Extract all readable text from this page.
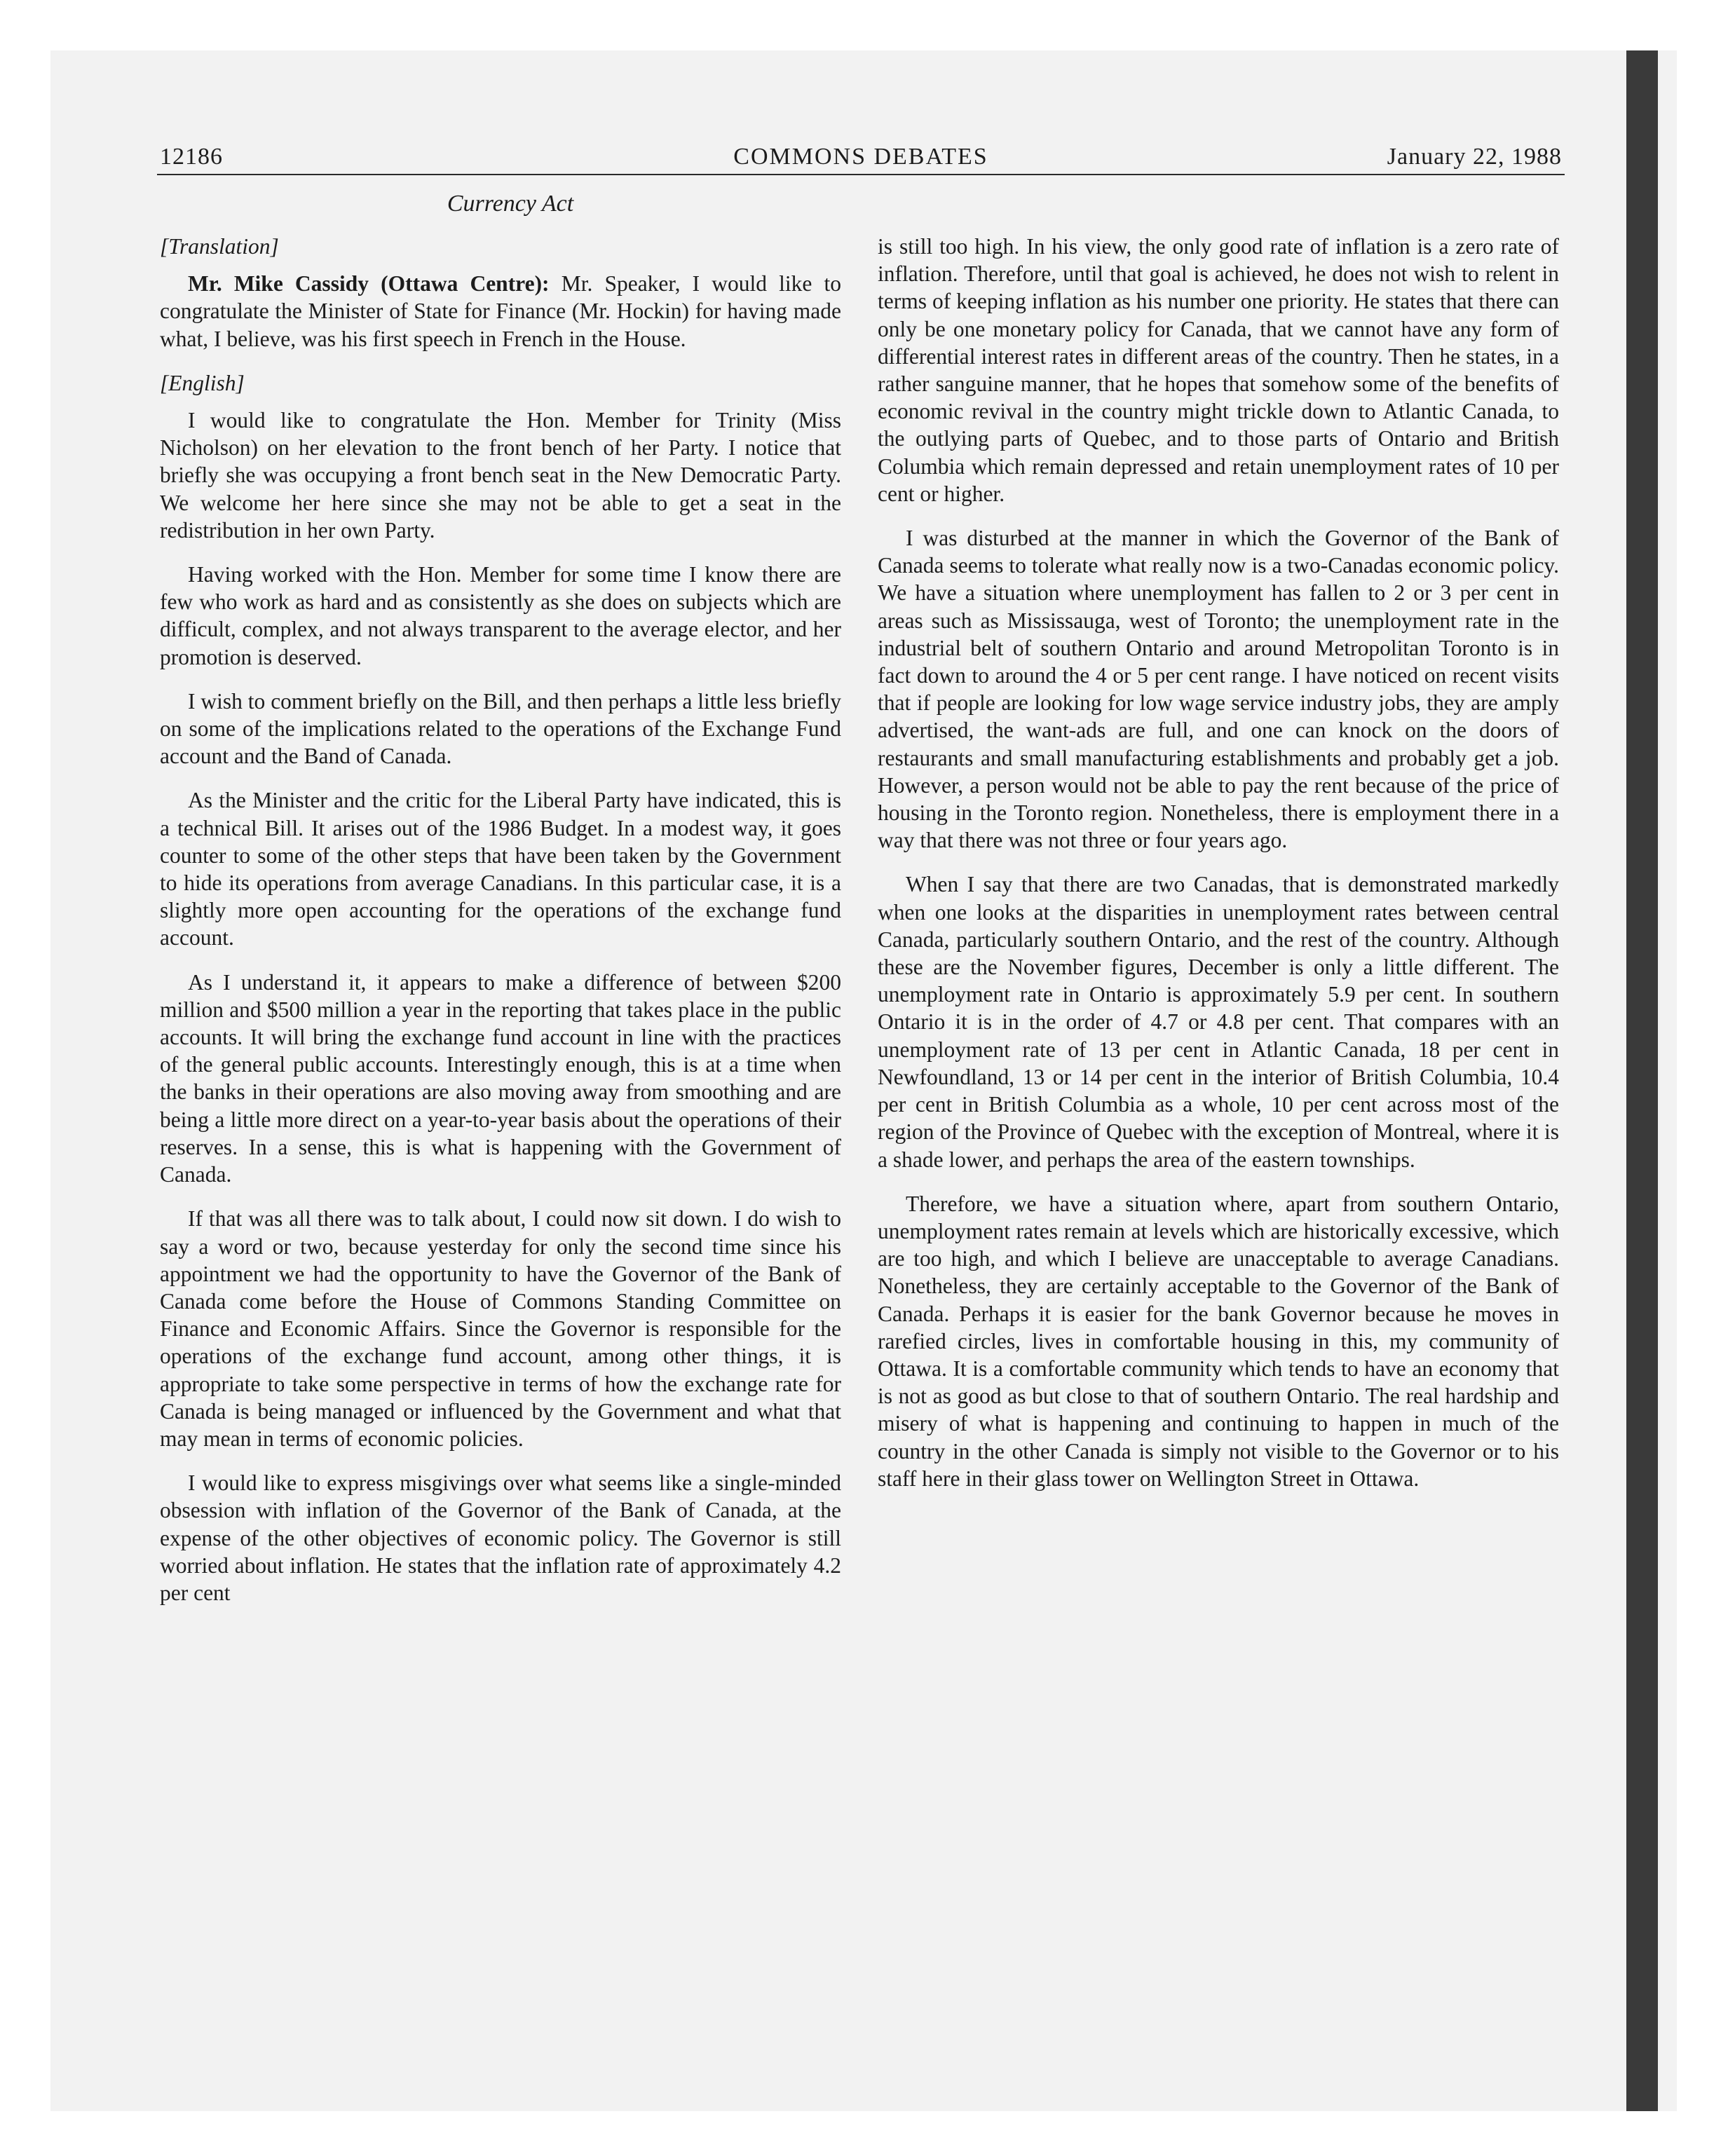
12186	COMMONS DEBATES	January 22, 1988
Currency Act

[Translation]

Mr. Mike Cassidy (Ottawa Centre): Mr. Speaker, I would like to congratulate the Minister of State for Finance (Mr. Hockin) for having made what, I believe, was his first speech in French in the House.

[English]

I would like to congratulate the Hon. Member for Trinity (Miss Nicholson) on her elevation to the front bench of her Party. I notice that briefly she was occupying a front bench seat in the New Democratic Party. We welcome her here since she may not be able to get a seat in the redistribution in her own Party.

Having worked with the Hon. Member for some time I know there are few who work as hard and as consistently as she does on subjects which are difficult, complex, and not always transparent to the average elector, and her promotion is deserved.

I wish to comment briefly on the Bill, and then perhaps a little less briefly on some of the implications related to the operations of the Exchange Fund account and the Band of Canada.

As the Minister and the critic for the Liberal Party have indicated, this is a technical Bill. It arises out of the 1986 Budget. In a modest way, it goes counter to some of the other steps that have been taken by the Government to hide its operations from average Canadians. In this particular case, it is a slightly more open accounting for the operations of the exchange fund account.

As I understand it, it appears to make a difference of between $200 million and $500 million a year in the reporting that takes place in the public accounts. It will bring the exchange fund account in line with the practices of the general public accounts. Interestingly enough, this is at a time when the banks in their operations are also moving away from smoothing and are being a little more direct on a year-to-year basis about the operations of their reserves. In a sense, this is what is happening with the Government of Canada.

If that was all there was to talk about, I could now sit down. I do wish to say a word or two, because yesterday for only the second time since his appointment we had the opportunity to have the Governor of the Bank of Canada come before the House of Commons Standing Committee on Finance and Economic Affairs. Since the Governor is responsible for the operations of the exchange fund account, among other things, it is appropriate to take some perspective in terms of how the exchange rate for Canada is being managed or influenced by the Government and what that may mean in terms of economic policies.

I would like to express misgivings over what seems like a single-minded obsession with inflation of the Governor of the Bank of Canada, at the expense of the other objectives of economic policy. The Governor is still worried about inflation. He states that the inflation rate of approximately 4.2 per cent

is still too high. In his view, the only good rate of inflation is a zero rate of inflation. Therefore, until that goal is achieved, he does not wish to relent in terms of keeping inflation as his number one priority. He states that there can only be one monetary policy for Canada, that we cannot have any form of differential interest rates in different areas of the country. Then he states, in a rather sanguine manner, that he hopes that somehow some of the benefits of economic revival in the country might trickle down to Atlantic Canada, to the outlying parts of Quebec, and to those parts of Ontario and British Columbia which remain depressed and retain unemployment rates of 10 per cent or higher.

I was disturbed at the manner in which the Governor of the Bank of Canada seems to tolerate what really now is a two-Canadas economic policy. We have a situation where unemployment has fallen to 2 or 3 per cent in areas such as Mississauga, west of Toronto; the unemployment rate in the industrial belt of southern Ontario and around Metropolitan Toronto is in fact down to around the 4 or 5 per cent range. I have noticed on recent visits that if people are looking for low wage service industry jobs, they are amply advertised, the want-ads are full, and one can knock on the doors of restaurants and small manufacturing establishments and probably get a job. However, a person would not be able to pay the rent because of the price of housing in the Toronto region. Nonetheless, there is employment there in a way that there was not three or four years ago.

When I say that there are two Canadas, that is demonstrated markedly when one looks at the disparities in unemployment rates between central Canada, particularly southern Ontario, and the rest of the country. Although these are the November figures, December is only a little different. The unemployment rate in Ontario is approximately 5.9 per cent. In southern Ontario it is in the order of 4.7 or 4.8 per cent. That compares with an unemployment rate of 13 per cent in Atlantic Canada, 18 per cent in Newfoundland, 13 or 14 per cent in the interior of British Columbia, 10.4 per cent in British Columbia as a whole, 10 per cent across most of the region of the Province of Quebec with the exception of Montreal, where it is a shade lower, and perhaps the area of the eastern townships.

Therefore, we have a situation where, apart from southern Ontario, unemployment rates remain at levels which are historically excessive, which are too high, and which I believe are unacceptable to average Canadians. Nonetheless, they are certainly acceptable to the Governor of the Bank of Canada. Perhaps it is easier for the bank Governor because he moves in rarefied circles, lives in comfortable housing in this, my community of Ottawa. It is a comfortable community which tends to have an economy that is not as good as but close to that of southern Ontario. The real hardship and misery of what is happening and continuing to happen in much of the country in the other Canada is simply not visible to the Governor or to his staff here in their glass tower on Wellington Street in Ottawa.
